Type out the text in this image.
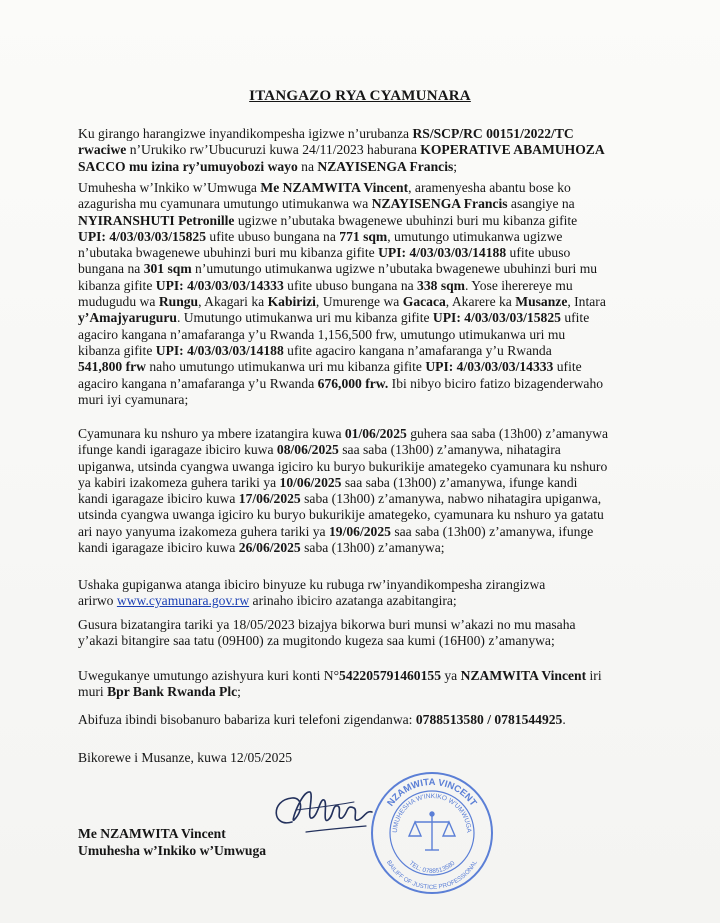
ITANGAZO RYA CYAMUNARA

Ku girango harangizwe inyandikompesha igizwe n’urubanza RS/SCP/RC 00151/2022/TC
rwaciwe n’Urukiko rw’Ubucuruzi kuwa 24/11/2023 haburana KOPERATIVE ABAMUHOZA
SACCO mu izina ry’umuyobozi wayo na NZAYISENGA Francis;

Umuhesha w’Inkiko w’Umwuga Me NZAMWITA Vincent, aramenyesha abantu bose ko
azagurisha mu cyamunara umutungo utimukanwa wa NZAYISENGA Francis asangiye na
NYIRANSHUTI Petronille ugizwe n’ubutaka bwagenewe ubuhinzi buri mu kibanza gifite
UPI: 4/03/03/03/15825 ufite ubuso bungana na 771 sqm, umutungo utimukanwa ugizwe
n’ubutaka bwagenewe ubuhinzi buri mu kibanza gifite UPI: 4/03/03/03/14188 ufite ubuso
bungana na 301 sqm n’umutungo utimukanwa ugizwe n’ubutaka bwagenewe ubuhinzi buri mu
kibanza gifite UPI: 4/03/03/03/14333 ufite ubuso bungana na 338 sqm. Yose iherereye mu
mudugudu wa Rungu, Akagari ka Kabirizi, Umurenge wa Gacaca, Akarere ka Musanze, Intara
y’Amajyaruguru. Umutungo utimukanwa uri mu kibanza gifite UPI: 4/03/03/03/15825 ufite
agaciro kangana n’amafaranga y’u Rwanda 1,156,500 frw, umutungo utimukanwa uri mu
kibanza gifite UPI: 4/03/03/03/14188 ufite agaciro kangana n’amafaranga y’u Rwanda
541,800 frw naho umutungo utimukanwa uri mu kibanza gifite UPI: 4/03/03/03/14333 ufite
agaciro kangana n’amafaranga y’u Rwanda 676,000 frw. Ibi nibyo biciro fatizo bizagenderwaho
muri iyi cyamunara;

Cyamunara ku nshuro ya mbere izatangira kuwa 01/06/2025 guhera saa saba (13h00) z’amanywa
ifunge kandi igaragaze ibiciro kuwa 08/06/2025 saa saba (13h00) z’amanywa, nihatagira
upiganwa, utsinda cyangwa uwanga igiciro ku buryo bukurikije amategeko cyamunara ku nshuro
ya kabiri izakomeza guhera tariki ya 10/06/2025 saa saba (13h00) z’amanywa, ifunge kandi
kandi igaragaze ibiciro kuwa 17/06/2025 saba (13h00) z’amanywa, nabwo nihatagira upiganwa,
utsinda cyangwa uwanga igiciro ku buryo bukurikije amategeko, cyamunara ku nshuro ya gatatu
ari nayo yanyuma izakomeza guhera tariki ya 19/06/2025 saa saba (13h00) z’amanywa, ifunge
kandi igaragaze ibiciro kuwa 26/06/2025 saba (13h00) z’amanywa;

Ushaka gupiganwa atanga ibiciro binyuze ku rubuga rw’inyandikompesha zirangizwa
arirwo www.cyamunara.gov.rw arinaho ibiciro azatanga azabitangira;

Gusura bizatangira tariki ya 18/05/2023 bizajya bikorwa buri munsi w’akazi no mu masaha
y’akazi bitangire saa tatu (09H00) za mugitondo kugeza saa kumi (16H00) z’amanywa;

Uwegukanye umutungo azishyura kuri konti N°542205791460155 ya NZAMWITA Vincent iri
muri Bpr Bank Rwanda Plc;

Abifuza ibindi bisobanuro babariza kuri telefoni zigendanwa: 0788513580 / 0781544925.

Bikorewe i Musanze, kuwa 12/05/2025

NZAMWITA VINCENT
UMUHESHA W'INKIKO W'UMWUGA
BAILIFF OF JUSTICE PROFESSIONAL
TEL: 0788513580
Me NZAMWITA Vincent
Umuhesha w’Inkiko w’Umwuga
